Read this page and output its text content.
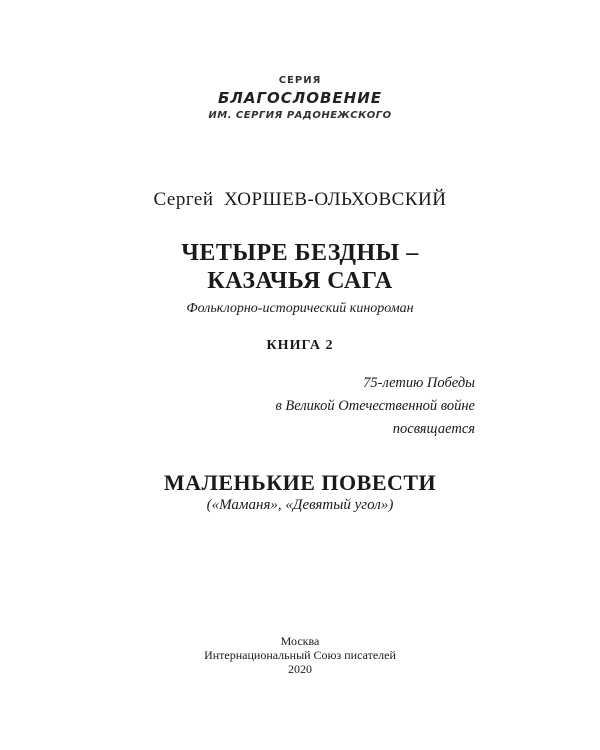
СЕРИЯ
БЛАГОСЛОВЕНИЕ
ИМ. СЕРГИЯ РАДОНЕЖСКОГО
Сергей  ХОРШЕВ-ОЛЬХОВСКИЙ
ЧЕТЫРЕ БЕЗДНЫ –
КАЗАЧЬЯ САГА
Фольклорно-исторический кинороман
КНИГА 2
75-летию Победы
в Великой Отечественной войне
посвящается
МАЛЕНЬКИЕ ПОВЕСТИ
(«Маманя», «Девятый угол»)
Москва
Интернациональный Союз писателей
2020
